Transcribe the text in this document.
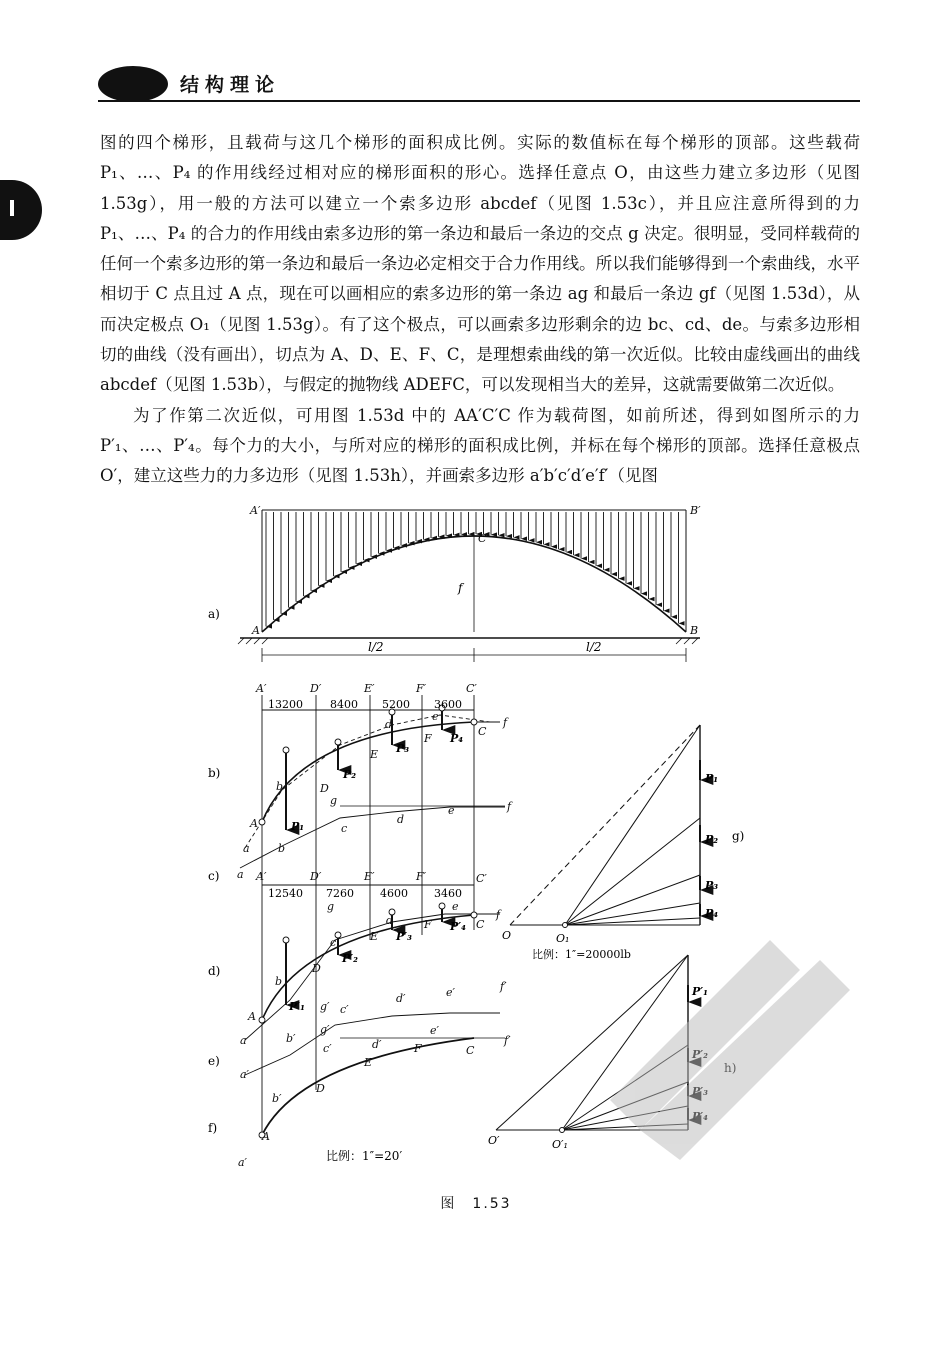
结构理论

图的四个梯形，且载荷与这几个梯形的面积成比例。实际的数值标在每个梯形的顶部。这些载荷 P₁、…、P₄ 的作用线经过相对应的梯形面积的形心。选择任意点 O，由这些力建立多边形（见图 1.53g），用一般的方法可以建立一个索多边形 abcdef（见图 1.53c），并且应注意所得到的力 P₁、…、P₄ 的合力的作用线由索多边形的第一条边和最后一条边的交点 g 决定。很明显，受同样载荷的任何一个索多边形的第一条边和最后一条边必定相交于合力作用线。所以我们能够得到一个索曲线，水平相切于 C 点且过 A 点，现在可以画相应的索多边形的第一条边 ag 和最后一条边 gf（见图 1.53d），从而决定极点 O₁（见图 1.53g）。有了这个极点，可以画索多边形剩余的边 bc、cd、de。与索多边形相切的曲线（没有画出），切点为 A、D、E、F、C，是理想索曲线的第一次近似。比较由虚线画出的曲线 abcdef（见图 1.53b），与假定的抛物线 ADEFC，可以发现相当大的差异，这就需要做第二次近似。

为了作第二次近似，可用图 1.53d 中的 AA′C′C 作为载荷图，如前所述，得到如图所示的力 P′₁、…、P′₄。每个力的大小，与所对应的梯形的面积成比例，并标在每个梯形的顶部。选择任意极点 O′，建立这些力的力多边形（见图 1.53h），并画索多边形 a′b′c′d′e′f′（见图

a)
l/2	l/2
f
A′	B′
C
A	B
13200 8400 5200 3600
12540 7260 4600 3460
A′	D′	E′	F′	C′
A
a
b	D
E
F
C
d
e	f
b
c
d
e	f
g
a A′	D′	E′	F′	C′
g
c
D
E
F	C
d
e
f
b
A
a
g′ c′
d′	e′	f′
a′
b′
g′
c′	d′
e′
f′
E
F	C
D
b′
A
a′
P₁
P₂
P₃
P₄
P′₁
P′₂
P′₃
P′₄
b)
c)
d)
e)
f)
比例：1″=20′
P₁
P₂
P₃
P₄
O	O₁
g)
比例：1″=20000lb
P′₁
O′	O′₁
图　1.53
